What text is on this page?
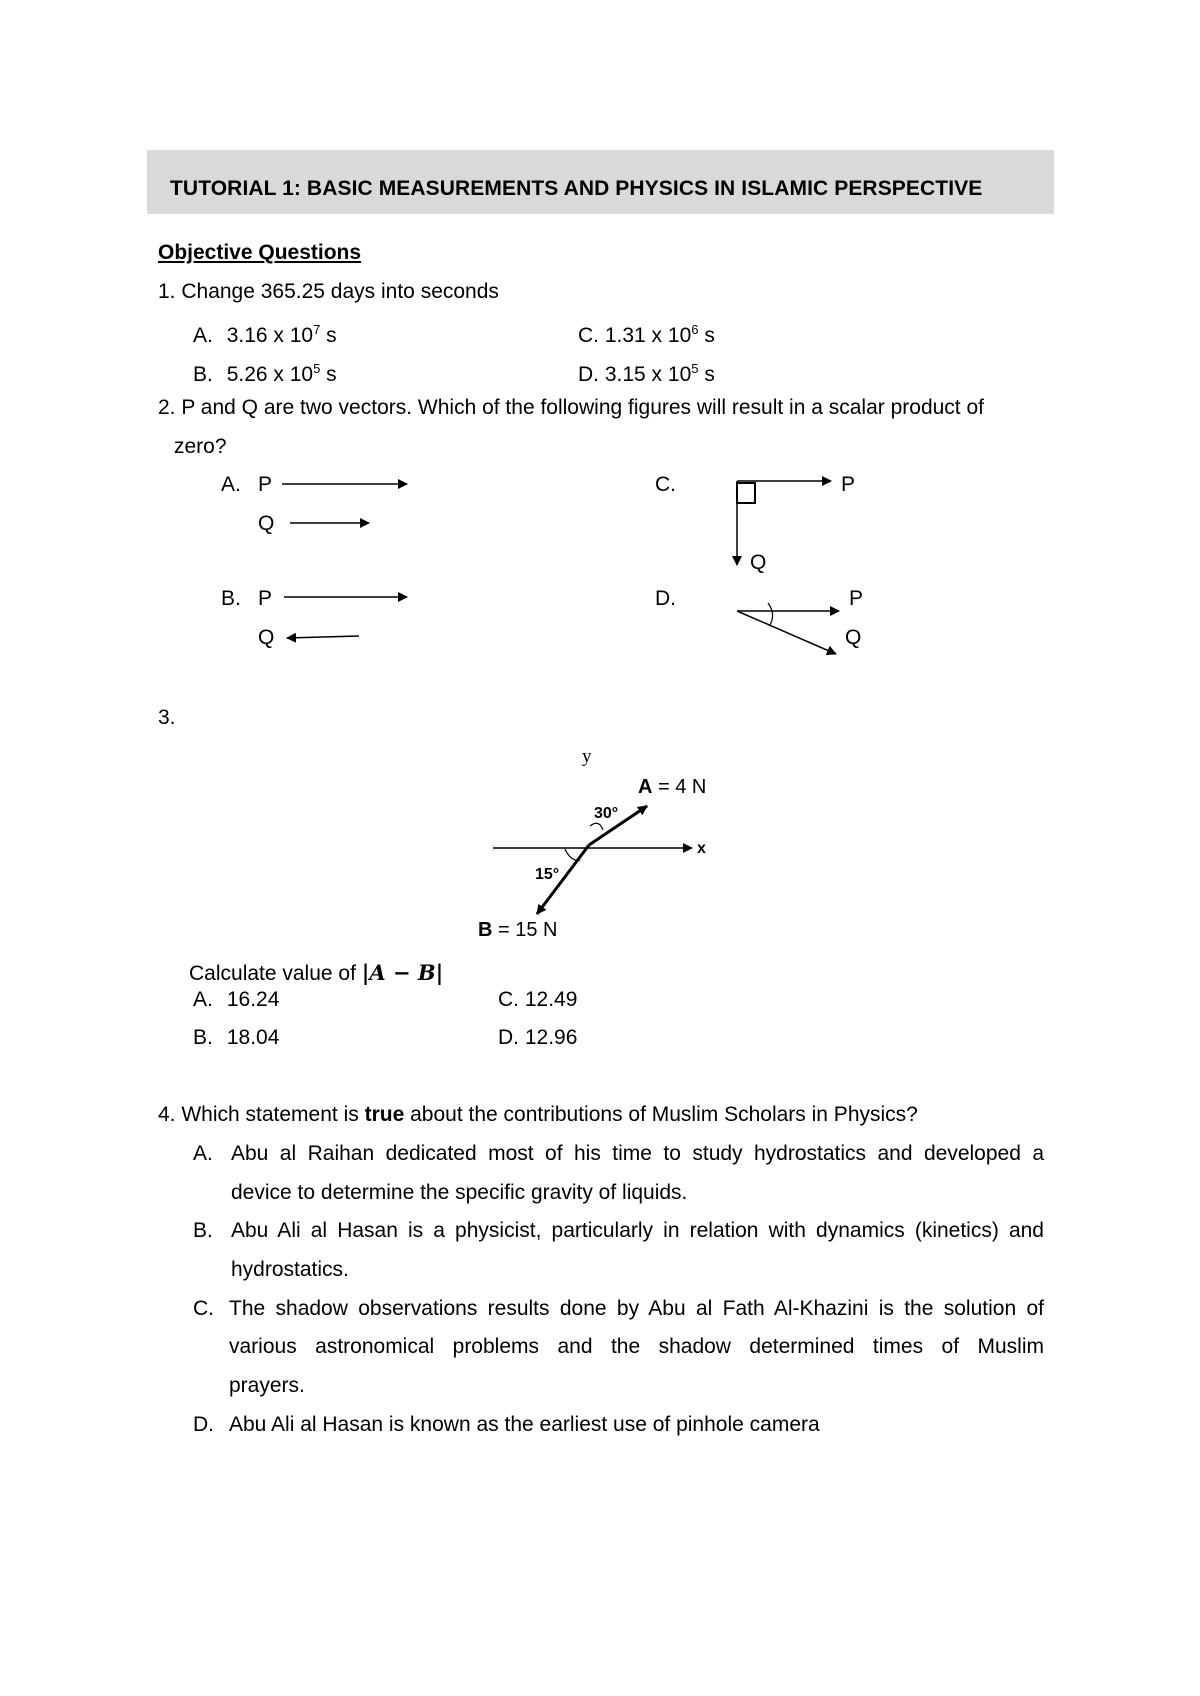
TUTORIAL 1: BASIC MEASUREMENTS AND PHYSICS IN ISLAMIC PERSPECTIVE
Objective Questions
1. Change 365.25 days into seconds
A. 3.16 x $10^7$ s	C. 1.31 x $10^6$ s
B. 5.26 x $10^5$ s	D. 3.15 x $10^5$ s
2. P and Q are two vectors. Which of the following figures will result in a scalar product of
zero?
A. P
Q
B. P
Q
C.	P
Q
D.	P
Q
3.
y
x
A = 4 N
B = 15 N
30°
15°
Calculate value of |A − B|
A. 16.24	C. 12.49
B. 18.04	D. 12.96
4. Which statement is true about the contributions of Muslim Scholars in Physics?
A. Abu al Raihan dedicated most of his time to study hydrostatics and developed a
device to determine the specific gravity of liquids.
B. Abu Ali al Hasan is a physicist, particularly in relation with dynamics (kinetics) and
hydrostatics.
C. The shadow observations results done by Abu al Fath Al-Khazini is the solution of
various astronomical problems and the shadow determined times of Muslim
prayers.
D. Abu Ali al Hasan is known as the earliest use of pinhole camera
